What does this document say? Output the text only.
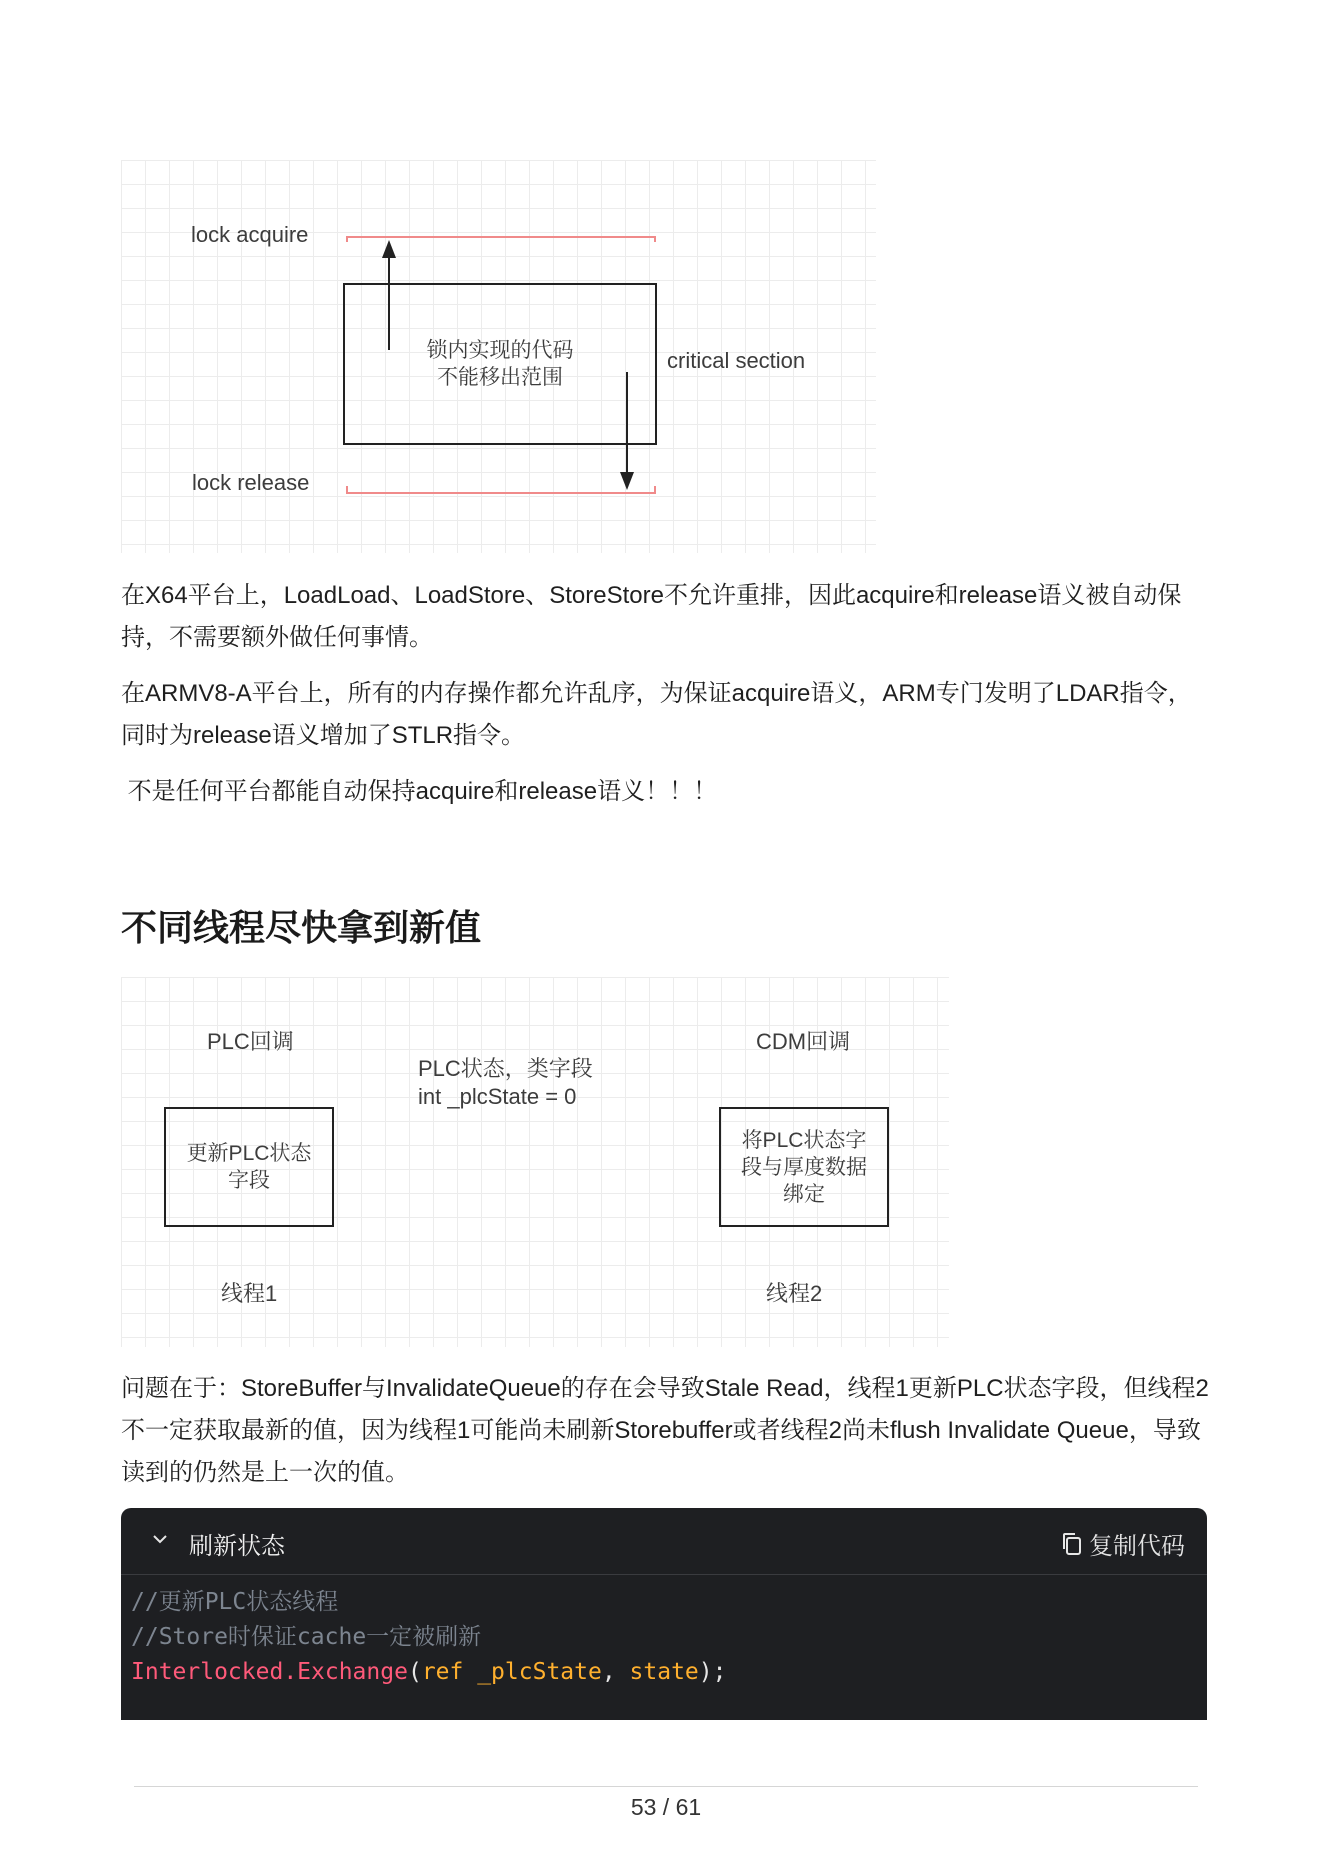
lock acquire
lock release
critical section
锁内实现的代码
不能移出范围
在X64平台上，LoadLoad、LoadStore、StoreStore不允许重排，因此acquire和release语义被自动保持，不需要额外做任何事情。
在ARMV8-A平台上，所有的内存操作都允许乱序，为保证acquire语义，ARM专门发明了LDAR指令，同时为release语义增加了STLR指令。
不是任何平台都能自动保持acquire和release语义！！！
不同线程尽快拿到新值
PLC回调	CDM回调
PLC状态，类字段
int _plcState = 0
更新PLC状态
字段
将PLC状态字
段与厚度数据
绑定
线程1	线程2
问题在于：StoreBuffer与InvalidateQueue的存在会导致Stale Read，线程1更新PLC状态字段，但线程2不一定获取最新的值，因为线程1可能尚未刷新Storebuffer或者线程2尚未flush Invalidate Queue，导致读到的仍然是上一次的值。
刷新状态	复制代码
//更新PLC状态线程
//Store时保证cache一定被刷新
Interlocked.Exchange(ref _plcState, state);
53 / 61
